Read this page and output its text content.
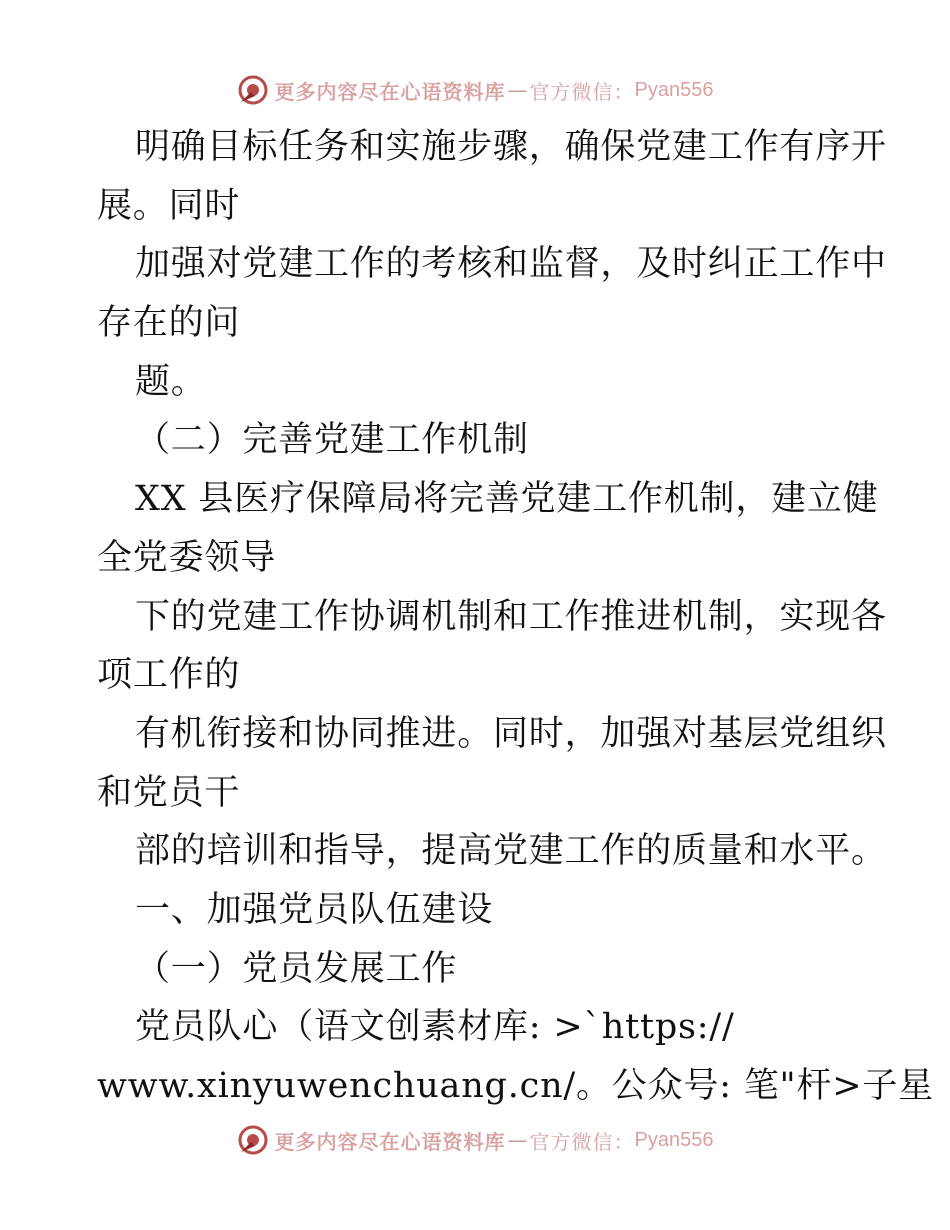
更多内容尽在心语资料库 — 官方微信： Pyan556
明确目标任务和实施步骤，确保党建工作有序开
展。同时
加强对党建工作的考核和监督，及时纠正工作中
存在的问
题。
（二）完善党建工作机制
XX 县医疗保障局将完善党建工作机制，建立健
全党委领导
下的党建工作协调机制和工作推进机制，实现各
项工作的
有机衔接和协同推进。同时，加强对基层党组织
和党员干
部的培训和指导，提高党建工作的质量和水平。
一、加强党员队伍建设
（一）党员发展工作
党员队心（语文创素材库: >`https://
www.xinyuwenchuang.cn/。公众号: 笔"杆>子星
更多内容尽在心语资料库 — 官方微信： Pyan556
